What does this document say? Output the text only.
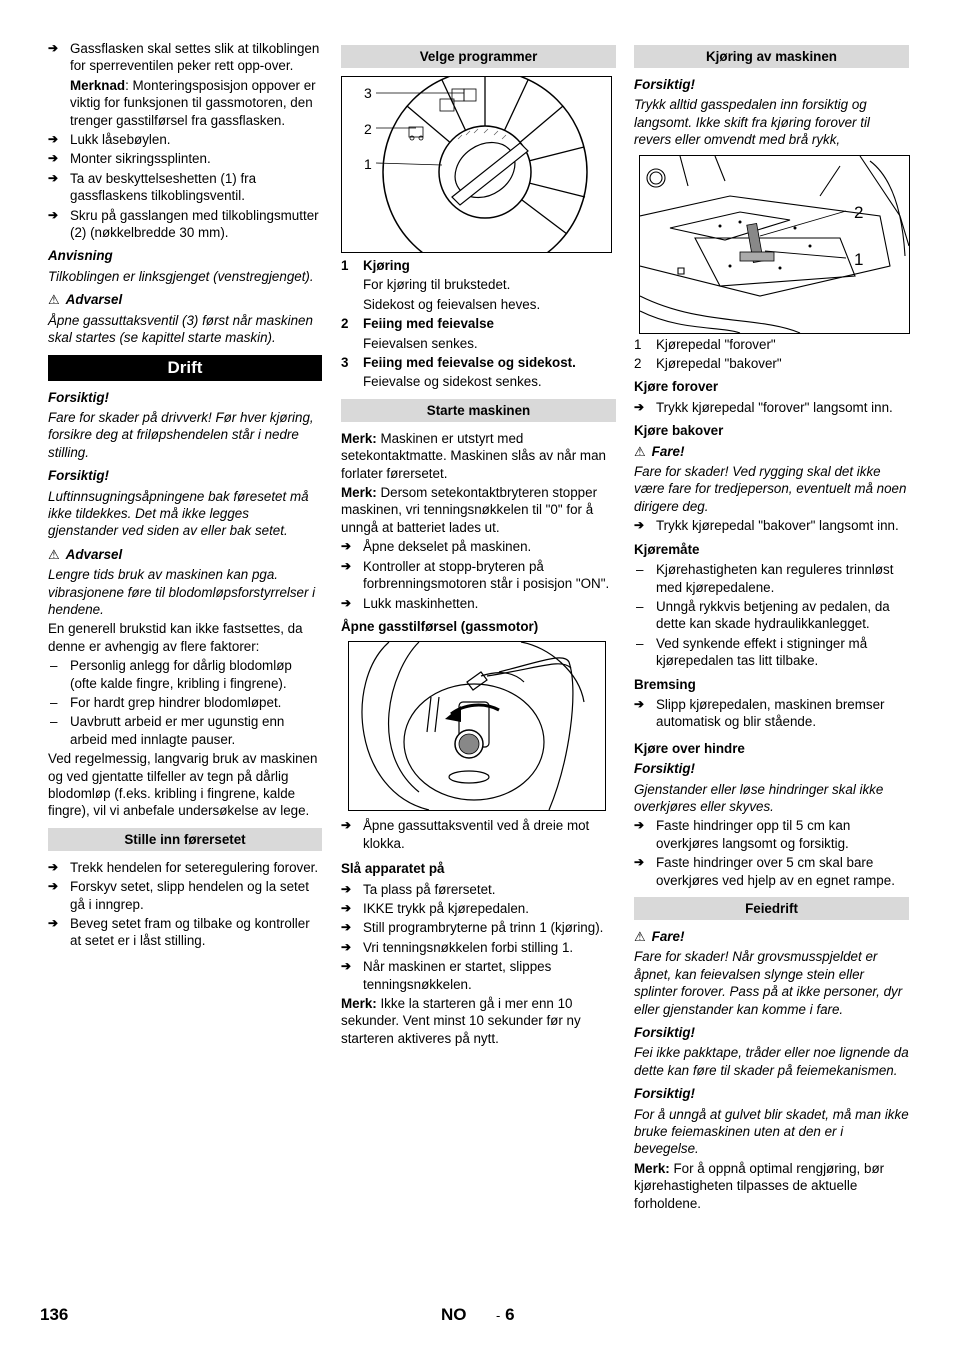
➔ Gassflasken skal settes slik at tilkoblingen for sperreventilen peker rett opp-over.

Merknad: Monteringsposisjon oppover er viktig for funksjonen til gassmotoren, den trenger gasstilførsel fra gassflasken.

➔ Lukk låsebøylen.

➔ Monter sikringssplinten.

➔ Ta av beskyttelseshetten (1) fra gassflaskens tilkoblingsventil.

➔ Skru på gasslangen med tilkoblingsmutter (2) (nøkkelbredde 30 mm).

Anvisning

Tilkoblingen er linksgjenget (venstregjenget).

⚠ Advarsel

Åpne gassuttaksventil (3) først når maskinen skal startes (se kapittel starte maskin).

Drift

Forsiktig!

Fare for skader på drivverk! Før hver kjøring, forsikre deg at friløpshendelen står i nedre stilling.

Forsiktig!

Luftinnsugningsåpningene bak føresetet må ikke tildekkes. Det må ikke legges gjenstander ved siden av eller bak setet.

⚠ Advarsel

Lengre tids bruk av maskinen kan pga. vibrasjonene føre til blodomløpsforstyrrelser i hendene.

En generell brukstid kan ikke fastsettes, da denne er avhengig av flere faktorer:

– Personlig anlegg for dårlig blodomløp (ofte kalde fingre, kribling i fingrene).

– For hardt grep hindrer blodomløpet.

– Uavbrutt arbeid er mer ugunstig enn arbeid med innlagte pauser.

Ved regelmessig, langvarig bruk av maskinen og ved gjentatte tilfeller av tegn på dårlig blodomløp (f.eks. kribling i fingrene, kalde fingre), vil vi anbefale undersøkelse av lege.

Stille inn førersetet

➔ Trekk hendelen for seteregulering forover.

➔ Forskyv setet, slipp hendelen og la setet gå i inngrep.

➔ Beveg setet fram og tilbake og kontroller at setet er i låst stilling.

Velge programmer
3
2
1
1 Kjøring

For kjøring til brukstedet.

Sidekost og feievalsen heves.

2 Feiing med feievalse

Feievalsen senkes.

3 Feiing med feievalse og sidekost.

Feievalse og sidekost senkes.

Starte maskinen

Merk: Maskinen er utstyrt med setekontaktmatte. Maskinen slås av når man forlater førersetet.

Merk: Dersom setekontaktbryteren stopper maskinen, vri tenningsnøkkelen til "0" for å unngå at batteriet lades ut.

➔ Åpne dekselet på maskinen.

➔ Kontroller at stopp-bryteren på forbrenningsmotoren står i posisjon "ON".

➔ Lukk maskinhetten.

Åpne gasstilførsel (gassmotor)

➔ Åpne gassuttaksventil ved å dreie mot klokka.

Slå apparatet på

➔ Ta plass på førersetet.

➔ IKKE trykk på kjørepedalen.

➔ Still programbryterne på trinn 1 (kjøring).

➔ Vri tenningsnøkkelen forbi stilling 1.

➔ Når maskinen er startet, slippes tenningsnøkkelen.

Merk: Ikke la starteren gå i mer enn 10 sekunder. Vent minst 10 sekunder før ny starteren aktiveres på nytt.

Kjøring av maskinen

Forsiktig!

Trykk alltid gasspedalen inn forsiktig og langsomt. Ikke skift fra kjøring forover til revers eller omvendt med brå rykk,

2
1
1 Kjørepedal "forover"
2 Kjørepedal "bakover"

Kjøre forover

➔ Trykk kjørepedal "forover" langsomt inn.

Kjøre bakover

⚠ Fare!

Fare for skader! Ved rygging skal det ikke være fare for tredjeperson, eventuelt må noen dirigere deg.

➔ Trykk kjørepedal "bakover" langsomt inn.

Kjøremåte

– Kjørehastigheten kan reguleres trinnløst med kjørepedalene.

– Unngå rykkvis betjening av pedalen, da dette kan skade hydraulikkanlegget.

– Ved synkende effekt i stigninger må kjørepedalen tas litt tilbake.

Bremsing

➔ Slipp kjørepedalen, maskinen bremser automatisk og blir stående.

Kjøre over hindre

Forsiktig!

Gjenstander eller løse hindringer skal ikke overkjøres eller skyves.

➔ Faste hindringer opp til 5 cm kan overkjøres langsomt og forsiktig.

➔ Faste hindringer over 5 cm skal bare overkjøres ved hjelp av en egnet rampe.

Feiedrift

⚠ Fare!

Fare for skader! Når grovsmusspjeldet er åpnet, kan feievalsen slynge stein eller splinter forover. Pass på at ikke personer, dyr eller gjenstander kan komme i fare.

Forsiktig!

Fei ikke pakktape, tråder eller noe lignende da dette kan føre til skader på feiemekanismen.

Forsiktig!

For å unngå at gulvet blir skadet, må man ikke bruke feiemaskinen uten at den er i bevegelse.

Merk: For å oppnå optimal rengjøring, bør kjørehastigheten tilpasses de aktuelle forholdene.

136	NO - 6
